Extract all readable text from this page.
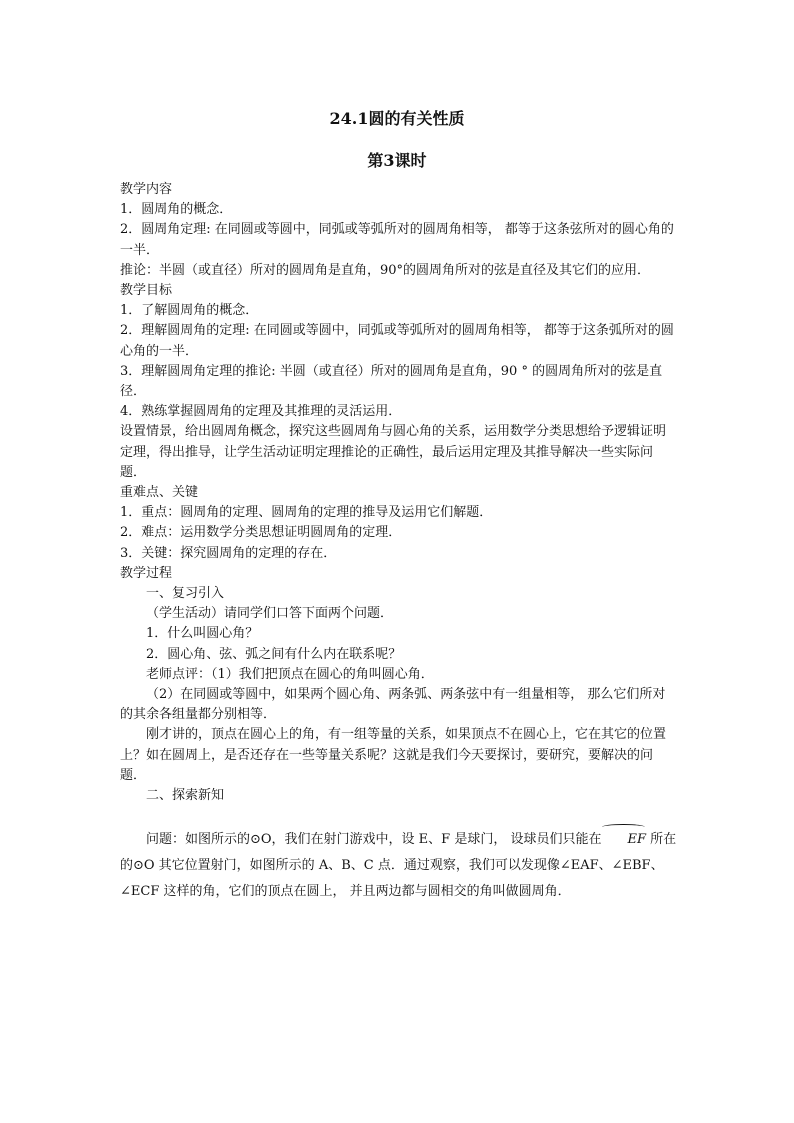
24.1圆的有关性质
第3课时

教学内容

1．圆周角的概念．

2．圆周角定理: 在同圆或等圆中，同弧或等弧所对的圆周角相等， 都等于这条弦所对的圆心角的一半．

推论：半圆（或直径）所对的圆周角是直角，90°的圆周角所对的弦是直径及其它们的应用．

教学目标

1．了解圆周角的概念．

2．理解圆周角的定理: 在同圆或等圆中，同弧或等弧所对的圆周角相等， 都等于这条弧所对的圆心角的一半．

3．理解圆周角定理的推论: 半圆（或直径）所对的圆周角是直角，90 ° 的圆周角所对的弦是直径．

4．熟练掌握圆周角的定理及其推理的灵活运用．

设置情景，给出圆周角概念，探究这些圆周角与圆心角的关系，运用数学分类思想给予逻辑证明定理，得出推导，让学生活动证明定理推论的正确性，最后运用定理及其推导解决一些实际问题．

重难点、关键

1．重点：圆周角的定理、圆周角的定理的推导及运用它们解题．

2．难点：运用数学分类思想证明圆周角的定理．

3．关键：探究圆周角的定理的存在．

教学过程

一、复习引入

（学生活动）请同学们口答下面两个问题．

1．什么叫圆心角？

2．圆心角、弦、弧之间有什么内在联系呢？

老师点评：（1）我们把顶点在圆心的角叫圆心角．

（2）在同圆或等圆中，如果两个圆心角、两条弧、两条弦中有一组量相等， 那么它们所对的其余各组量都分别相等．

刚才讲的，顶点在圆心上的角，有一组等量的关系，如果顶点不在圆心上，它在其它的位置上？如在圆周上，是否还存在一些等量关系呢？这就是我们今天要探讨，要研究，要解决的问题．

二、探索新知

问题：如图所示的⊙O，我们在射门游戏中，设 E、F 是球门， 设球员们只能在 EF 所在的⊙O 其它位置射门，如图所示的 A、B、C 点．通过观察，我们可以发现像∠EAF、∠EBF、∠ECF 这样的角，它们的顶点在圆上， 并且两边都与圆相交的角叫做圆周角．
